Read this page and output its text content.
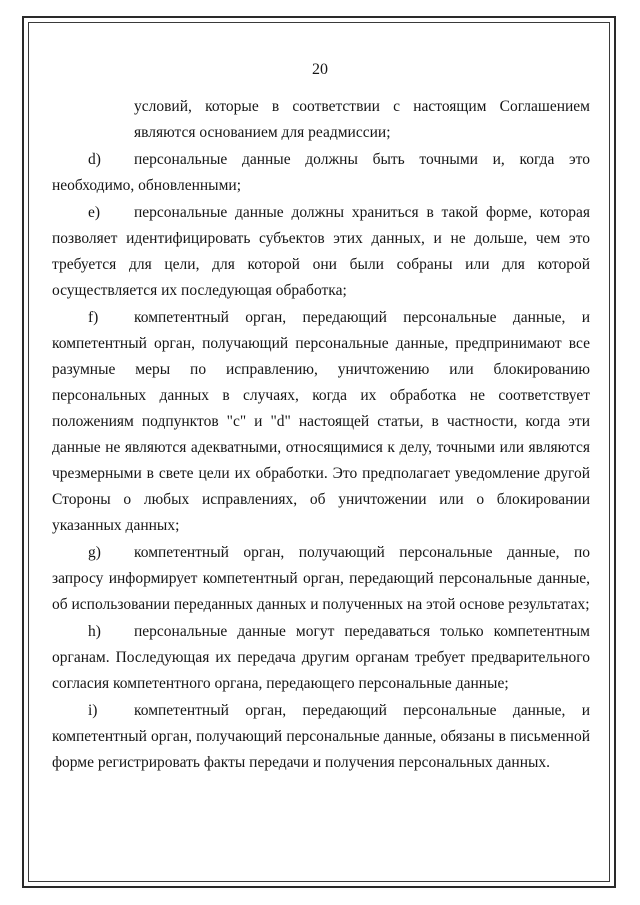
20

условий, которые в соответствии с настоящим Соглашением являются основанием для реадмиссии;

d) персональные данные должны быть точными и, когда это необходимо, обновленными;

e) персональные данные должны храниться в такой форме, которая позволяет идентифицировать субъектов этих данных, и не дольше, чем это требуется для цели, для которой они были собраны или для которой осуществляется их последующая обработка;

f) компетентный орган, передающий персональные данные, и компетентный орган, получающий персональные данные, предпринимают все разумные меры по исправлению, уничтожению или блокированию персональных данных в случаях, когда их обработка не соответствует положениям подпунктов "с" и "d" настоящей статьи, в частности, когда эти данные не являются адекватными, относящимися к делу, точными или являются чрезмерными в свете цели их обработки. Это предполагает уведомление другой Стороны о любых исправлениях, об уничтожении или о блокировании указанных данных;

g) компетентный орган, получающий персональные данные, по запросу информирует компетентный орган, передающий персональные данные, об использовании переданных данных и полученных на этой основе результатах;

h) персональные данные могут передаваться только компетентным органам. Последующая их передача другим органам требует предварительного согласия компетентного органа, передающего персональные данные;

i) компетентный орган, передающий персональные данные, и компетентный орган, получающий персональные данные, обязаны в письменной форме регистрировать факты передачи и получения персональных данных.
